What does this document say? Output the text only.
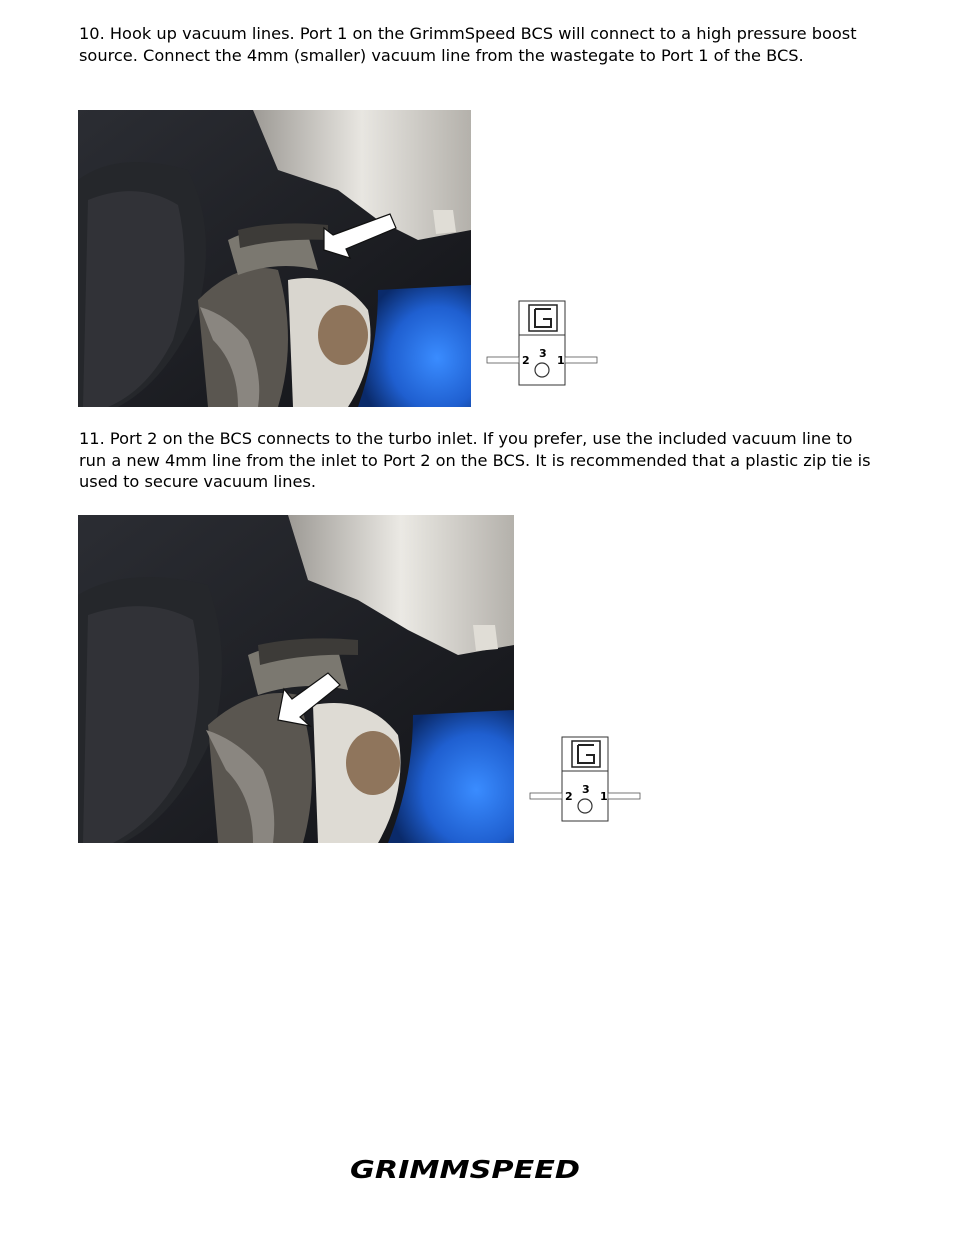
10. Hook up vacuum lines. Port 1 on the GrimmSpeed BCS will connect to a high pressure boost source. Connect the 4mm (smaller) vacuum line from the wastegate to Port 1 of the BCS.

2
3
1

11. Port 2 on the BCS connects to the turbo inlet. If you prefer, use the included vacuum line to run a new 4mm line from the inlet to Port 2 on the BCS. It is recommended that a plastic zip tie is used to secure vacuum lines.

2
3
1
GRIMMSPEED
